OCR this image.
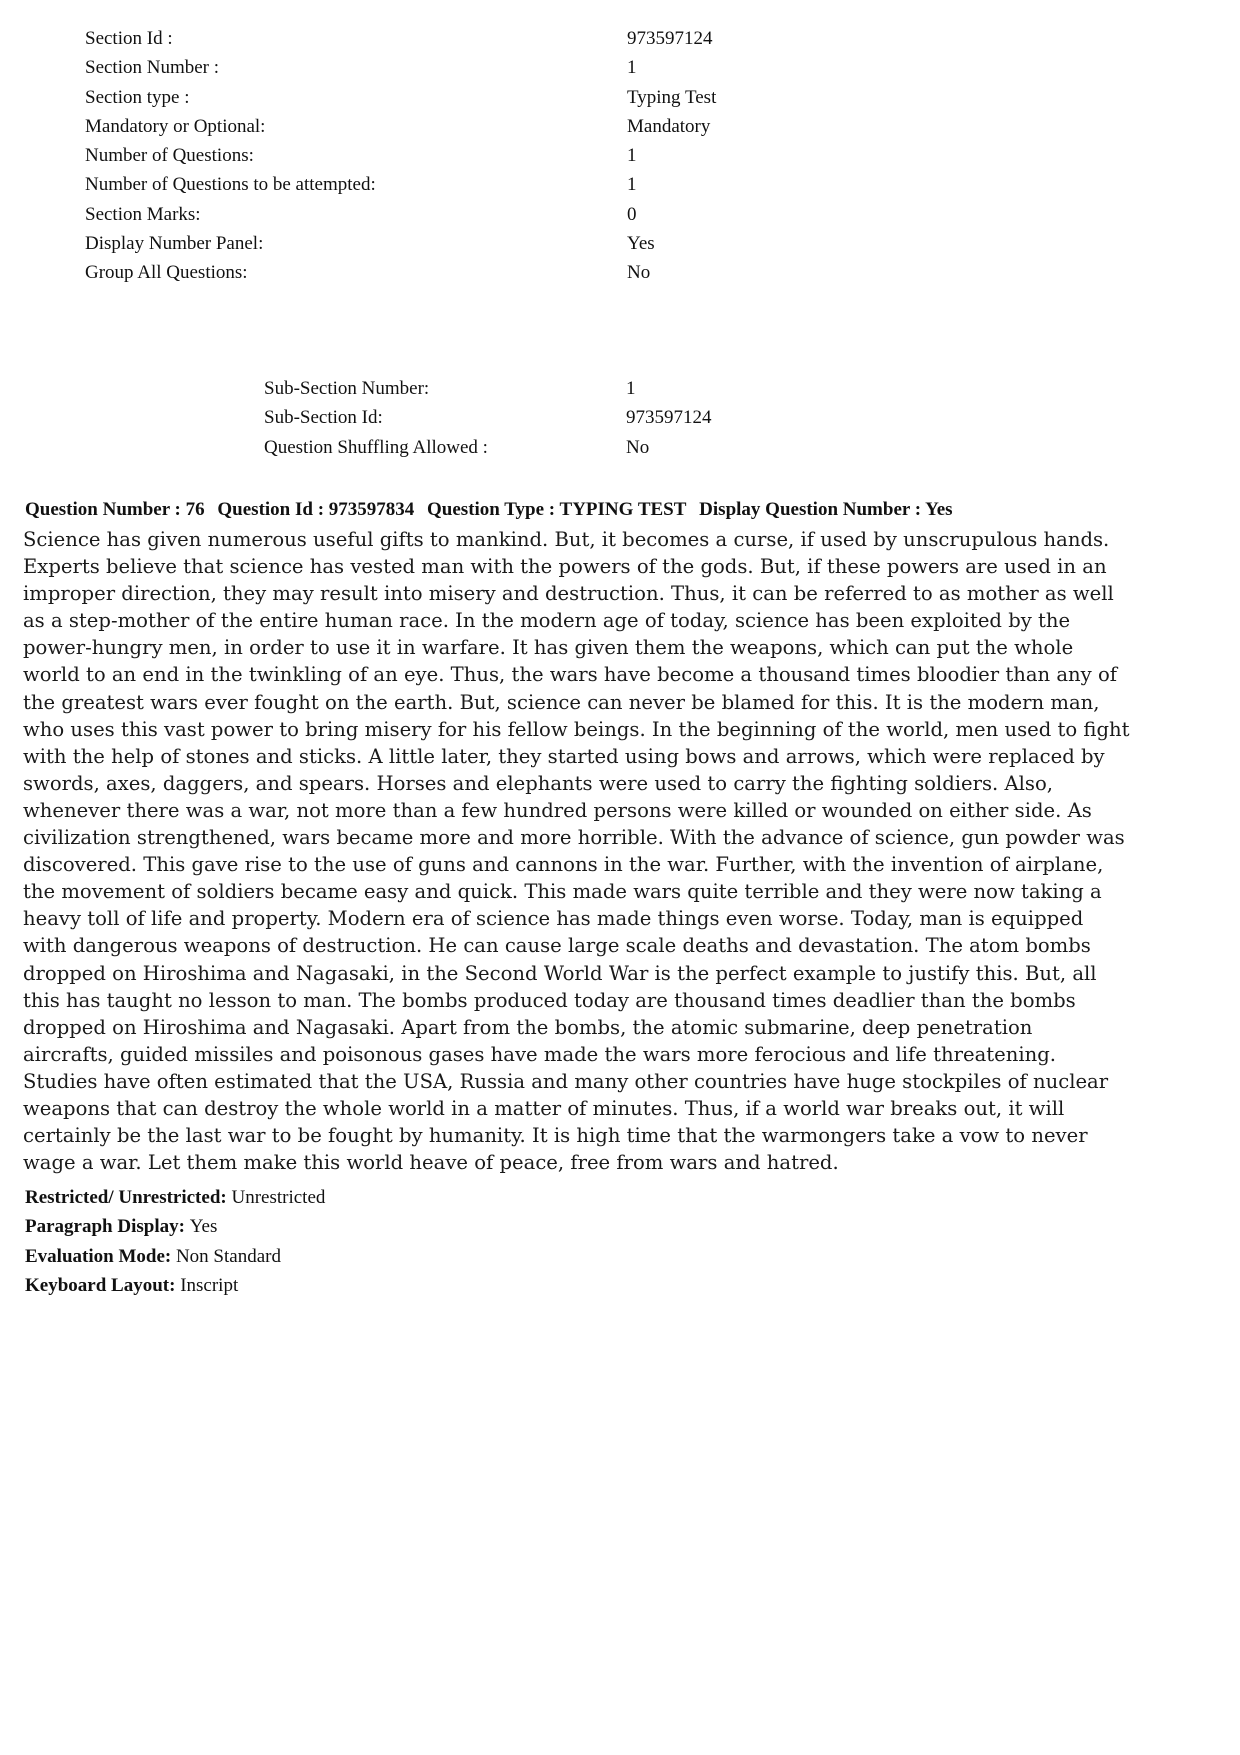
Section Id :	973597124
Section Number :	1
Section type :	Typing Test
Mandatory or Optional:	Mandatory
Number of Questions:	1
Number of Questions to be attempted:	1
Section Marks:	0
Display Number Panel:	Yes
Group All Questions:	No
Sub-Section Number:	1
Sub-Section Id:	973597124
Question Shuffling Allowed :	No
Question Number : 76 Question Id : 973597834 Question Type : TYPING TEST Display Question Number : Yes
Science has given numerous useful gifts to mankind. But, it becomes a curse, if used by unscrupulous hands.
Experts believe that science has vested man with the powers of the gods. But, if these powers are used in an
improper direction, they may result into misery and destruction. Thus, it can be referred to as mother as well
as a step-mother of the entire human race. In the modern age of today, science has been exploited by the
power-hungry men, in order to use it in warfare. It has given them the weapons, which can put the whole
world to an end in the twinkling of an eye. Thus, the wars have become a thousand times bloodier than any of
the greatest wars ever fought on the earth. But, science can never be blamed for this. It is the modern man,
who uses this vast power to bring misery for his fellow beings. In the beginning of the world, men used to fight
with the help of stones and sticks. A little later, they started using bows and arrows, which were replaced by
swords, axes, daggers, and spears. Horses and elephants were used to carry the fighting soldiers. Also,
whenever there was a war, not more than a few hundred persons were killed or wounded on either side. As
civilization strengthened, wars became more and more horrible. With the advance of science, gun powder was
discovered. This gave rise to the use of guns and cannons in the war. Further, with the invention of airplane,
the movement of soldiers became easy and quick. This made wars quite terrible and they were now taking a
heavy toll of life and property. Modern era of science has made things even worse. Today, man is equipped
with dangerous weapons of destruction. He can cause large scale deaths and devastation. The atom bombs
dropped on Hiroshima and Nagasaki, in the Second World War is the perfect example to justify this. But, all
this has taught no lesson to man. The bombs produced today are thousand times deadlier than the bombs
dropped on Hiroshima and Nagasaki. Apart from the bombs, the atomic submarine, deep penetration
aircrafts, guided missiles and poisonous gases have made the wars more ferocious and life threatening.
Studies have often estimated that the USA, Russia and many other countries have huge stockpiles of nuclear
weapons that can destroy the whole world in a matter of minutes. Thus, if a world war breaks out, it will
certainly be the last war to be fought by humanity. It is high time that the warmongers take a vow to never
wage a war. Let them make this world heave of peace, free from wars and hatred.
Restricted/ Unrestricted: Unrestricted
Paragraph Display: Yes
Evaluation Mode: Non Standard
Keyboard Layout: Inscript
